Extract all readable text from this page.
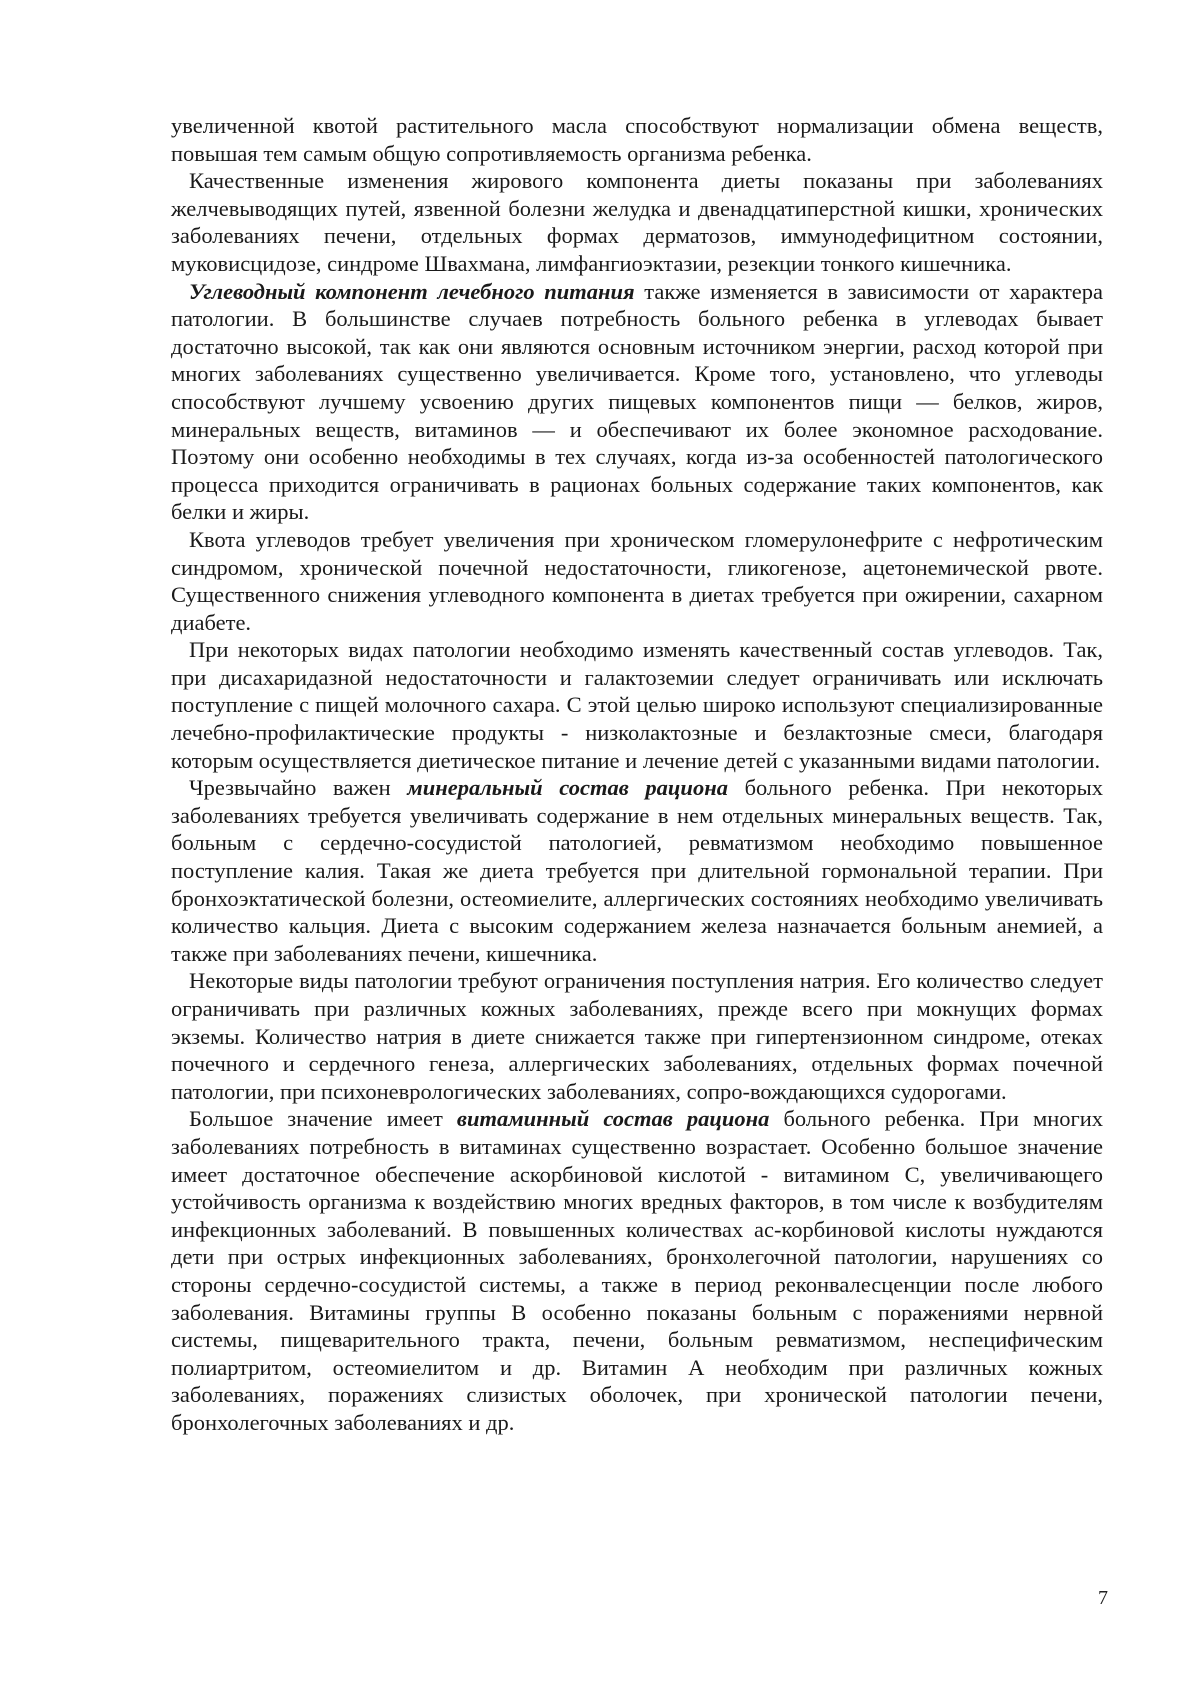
увеличенной квотой растительного масла способствуют нормализации обмена веществ, повышая тем самым общую сопротивляемость организма ребенка.

Качественные изменения жирового компонента диеты показаны при заболеваниях желчевыводящих путей, язвенной болезни желудка и двенадцатиперстной кишки, хронических заболеваниях печени, отдельных формах дерматозов, иммунодефицитном состоянии, муковисцидозе, синдроме Швахмана, лимфангиоэктазии, резекции тонкого кишечника.

Углеводный компонент лечебного питания также изменяется в зависимости от характера патологии. В большинстве случаев потребность больного ребенка в углеводах бывает достаточно высокой, так как они являются основным источником энергии, расход которой при многих заболеваниях существенно увеличивается. Кроме того, установлено, что углеводы способствуют лучшему усвоению других пищевых компонентов пищи — белков, жиров, минеральных веществ, витаминов — и обеспечивают их более экономное расходование. Поэтому они особенно необходимы в тех случаях, когда из-за особенностей патологического процесса приходится ограничивать в рационах больных содержание таких компонентов, как белки и жиры.

Квота углеводов требует увеличения при хроническом гломерулонефрите с нефротическим синдромом, хронической почечной недостаточности, гликогенозе, ацетонемической рвоте. Существенного снижения углеводного компонента в диетах требуется при ожирении, сахарном диабете.

При некоторых видах патологии необходимо изменять качественный состав углеводов. Так, при дисахаридазной недостаточности и галактоземии следует ограничивать или исключать поступление с пищей молочного сахара. С этой целью широко используют специализированные лечебно-профилактические продукты - низколактозные и безлактозные смеси, благодаря которым осуществляется диетическое питание и лечение детей с указанными видами патологии.

Чрезвычайно важен минеральный состав рациона больного ребенка. При некоторых заболеваниях требуется увеличивать содержание в нем отдельных минеральных веществ. Так, больным с сердечно-сосудистой патологией, ревматизмом необходимо повышенное поступление калия. Такая же диета требуется при длительной гормональной терапии. При бронхоэктатической болезни, остеомиелите, аллергических состояниях необходимо увеличивать количество кальция. Диета с высоким содержанием железа назначается больным анемией, а также при заболеваниях печени, кишечника.

Некоторые виды патологии требуют ограничения поступления натрия. Его количество следует ограничивать при различных кожных заболеваниях, прежде всего при мокнущих формах экземы. Количество натрия в диете снижается также при гипертензионном синдроме, отеках почечного и сердечного генеза, аллергических заболеваниях, отдельных формах почечной патологии, при психоневрологических заболеваниях, сопро-вождающихся судорогами.

Большое значение имеет витаминный состав рациона больного ребенка. При многих заболеваниях потребность в витаминах существенно возрастает. Особенно большое значение имеет достаточное обеспечение аскорбиновой кислотой - витамином С, увеличивающего устойчивость организма к воздействию многих вредных факторов, в том числе к возбудителям инфекционных заболеваний. В повышенных количествах ас-корбиновой кислоты нуждаются дети при острых инфекционных заболеваниях, бронхолегочной патологии, нарушениях со стороны сердечно-сосудистой системы, а также в период реконвалесценции после любого заболевания. Витамины группы В особенно показаны больным с поражениями нервной системы, пищеварительного тракта, печени, больным ревматизмом, неспецифическим полиартритом, остеомиелитом и др. Витамин А необходим при различных кожных заболеваниях, поражениях слизистых оболочек, при хронической патологии печени, бронхолегочных заболеваниях и др.

7
